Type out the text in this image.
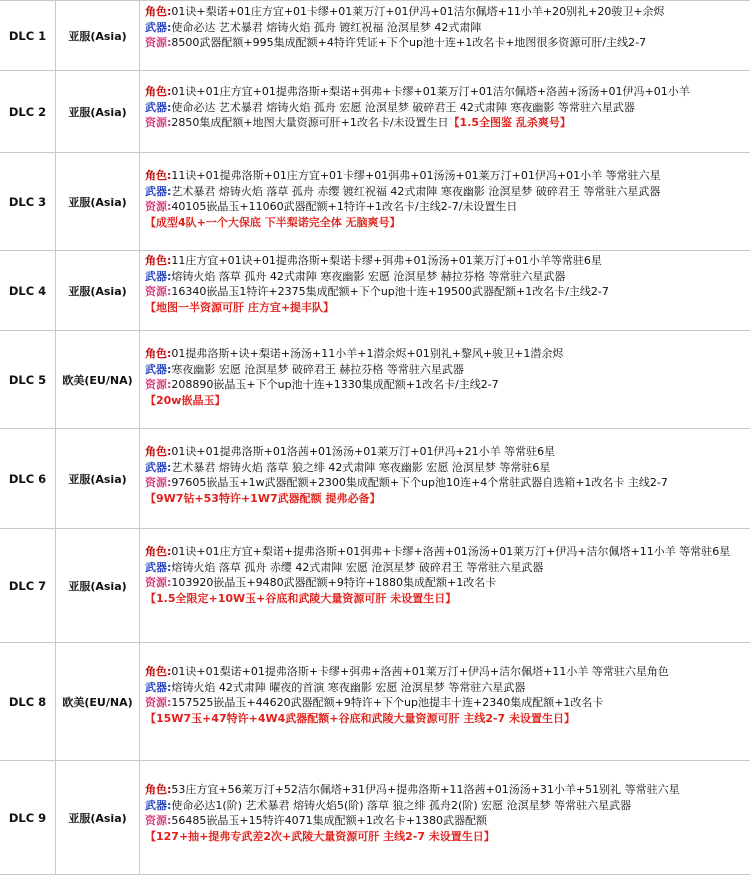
DLC 1	亚服(Asia)
角色:01诀+梨诺+01庄方宜+01卡缪+01莱万汀+01伊冯+01洁尔佩塔+11小羊+20别礼+20骏卫+余烬
武器:使命必达 艺术暴君 熔铸火焰 孤舟 镀红祝福 沧溟星梦 42式肃陣
资源:8500武器配额+995集成配额+4特许凭证+下个up池十连+1改名卡+地图很多资源可肝/主线2-7
DLC 2	亚服(Asia)
角色:01诀+01庄方宜+01提弗洛斯+梨诺+弭弗+卡缪+01莱万汀+01洁尔佩塔+洛茜+汤汤+01伊冯+01小羊
武器:使命必达 艺术暴君 熔铸火焰 孤舟 宏愿 沧溟星梦 破碎君王 42式肃陣 寒夜幽影 等常驻六星武器
资源:2850集成配额+地图大量资源可肝+1改名卡/未设置生日【1.5全图鉴 乱杀爽号】
DLC 3	亚服(Asia)
角色:11诀+01提弗洛斯+01庄方宜+01卡缪+01弭弗+01汤汤+01莱万汀+01伊冯+01小羊 等常驻六星
武器:艺术暴君 熔铸火焰 落草 孤舟 赤缨 镀红祝福 42式肃陣 寒夜幽影 沧溟星梦 破碎君王 等常驻六星武器
资源:40105嵌晶玉+11060武器配额+1特许+1改名卡/主线2-7/未设置生日
【成型4队+一个大保底 下半梨诺完全体 无脑爽号】
DLC 4	亚服(Asia)
角色:11庄方宜+01诀+01提弗洛斯+梨诺卡缪+弭弗+01汤汤+01莱万汀+01小羊等常驻6星
武器:熔铸火焰 落草 孤舟 42式肃陣 寒夜幽影 宏愿 沧溟星梦 赫拉芬格 等常驻六星武器
资源:16340嵌晶玉1特许+2375集成配额+下个up池十连+19500武器配额+1改名卡/主线2-7
【地图一半资源可肝 庄方宜+提丰队】
DLC 5	欧美(EU/NA)
角色:01提弗洛斯+诀+梨诺+汤汤+11小羊+1潜余烬+01别礼+黎风+骏卫+1潜余烬
武器:寒夜幽影 宏愿 沧溟星梦 破碎君王 赫拉芬格 等常驻六星武器
资源:208890嵌晶玉+下个up池十连+1330集成配额+1改名卡/主线2-7
【20w嵌晶玉】
DLC 6	亚服(Asia)
角色:01诀+01提弗洛斯+01洛茜+01汤汤+01莱万汀+01伊冯+21小羊 等常驻6星
武器:艺术暴君 熔铸火焰 落草 狼之绯 42式肃陣 寒夜幽影 宏愿 沧溟星梦 等常驻6星
资源:97605嵌晶玉+1w武器配额+2300集成配额+下个up池10连+4个常驻武器自选箱+1改名卡 主线2-7
【9W7钻+53特许+1W7武器配额 提弗必备】
DLC 7	亚服(Asia)
角色:01诀+01庄方宜+梨诺+提弗洛斯+01弭弗+卡缪+洛茜+01汤汤+01莱万汀+伊冯+洁尔佩塔+11小羊 等常驻6星
武器:熔铸火焰 落草 孤舟 赤缨 42式肃陣 宏愿 沧溟星梦 破碎君王 等常驻六星武器
资源:103920嵌晶玉+9480武器配额+9特许+1880集成配额+1改名卡
【1.5全限定+10W玉+谷底和武陵大量资源可肝 未设置生日】
DLC 8	欧美(EU/NA)
角色:01诀+01梨诺+01提弗洛斯+卡缪+弭弗+洛茜+01莱万汀+伊冯+洁尔佩塔+11小羊 等常驻六星角色
武器:熔铸火焰 42式肃陣 曜夜的首演 寒夜幽影 宏愿 沧溟星梦 等常驻六星武器
资源:157525嵌晶玉+44620武器配额+9特许+下个up池提丰十连+2340集成配额+1改名卡
【15W7玉+47特许+4W4武器配额+谷底和武陵大量资源可肝 主线2-7 未设置生日】
DLC 9	亚服(Asia)
角色:53庄方宜+56莱万汀+52洁尔佩塔+31伊冯+提弗洛斯+11洛茜+01汤汤+31小羊+51别礼 等常驻六星
武器:使命必达1(阶) 艺术暴君 熔铸火焰5(阶) 落草 狼之绯 孤舟2(阶) 宏愿 沧溟星梦 等常驻六星武器
资源:56485嵌晶玉+15特许4071集成配额+1改名卡+1380武器配额
【127+抽+提弗专武差2次+武陵大量资源可肝 主线2-7 未设置生日】
